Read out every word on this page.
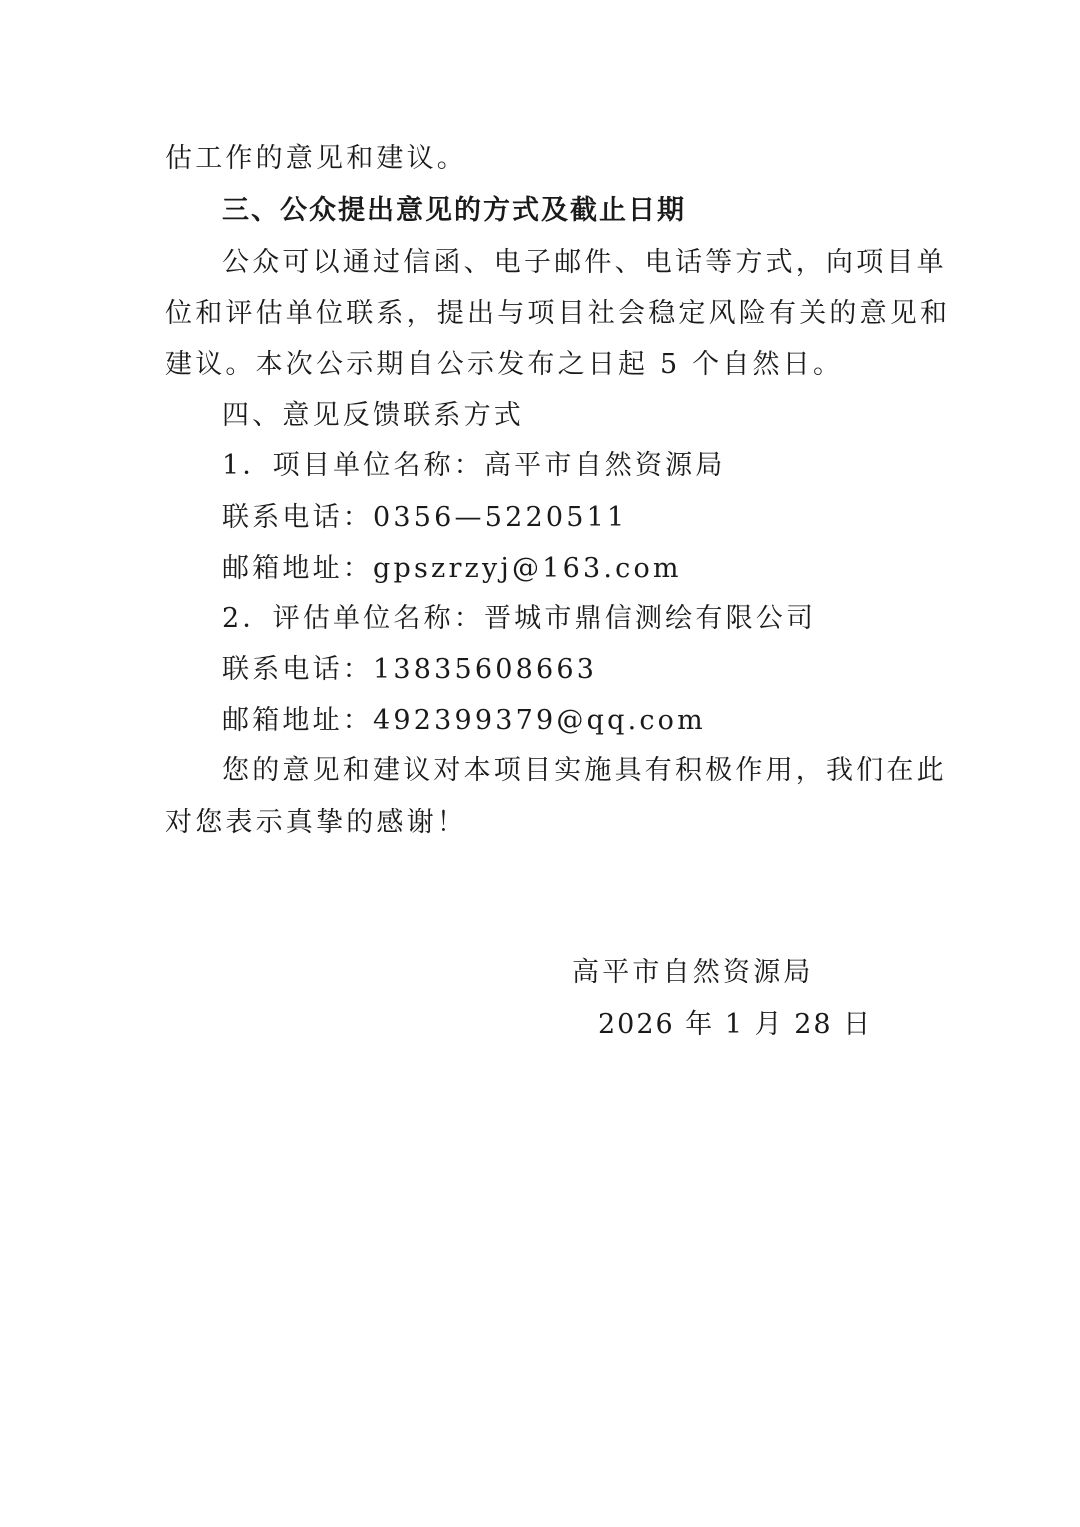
估工作的意见和建议。
三、公众提出意见的方式及截止日期
公众可以通过信函、电子邮件、电话等方式，向项目单
位和评估单位联系，提出与项目社会稳定风险有关的意见和
建议。本次公示期自公示发布之日起 5 个自然日。
四、意见反馈联系方式
1．项目单位名称：高平市自然资源局
联系电话：0356—5220511
邮箱地址：gpszrzyj@163.com
2．评估单位名称：晋城市鼎信测绘有限公司
联系电话：13835608663
邮箱地址：492399379@qq.com
您的意见和建议对本项目实施具有积极作用，我们在此
对您表示真挚的感谢！
高平市自然资源局
2026 年 1 月 28 日
